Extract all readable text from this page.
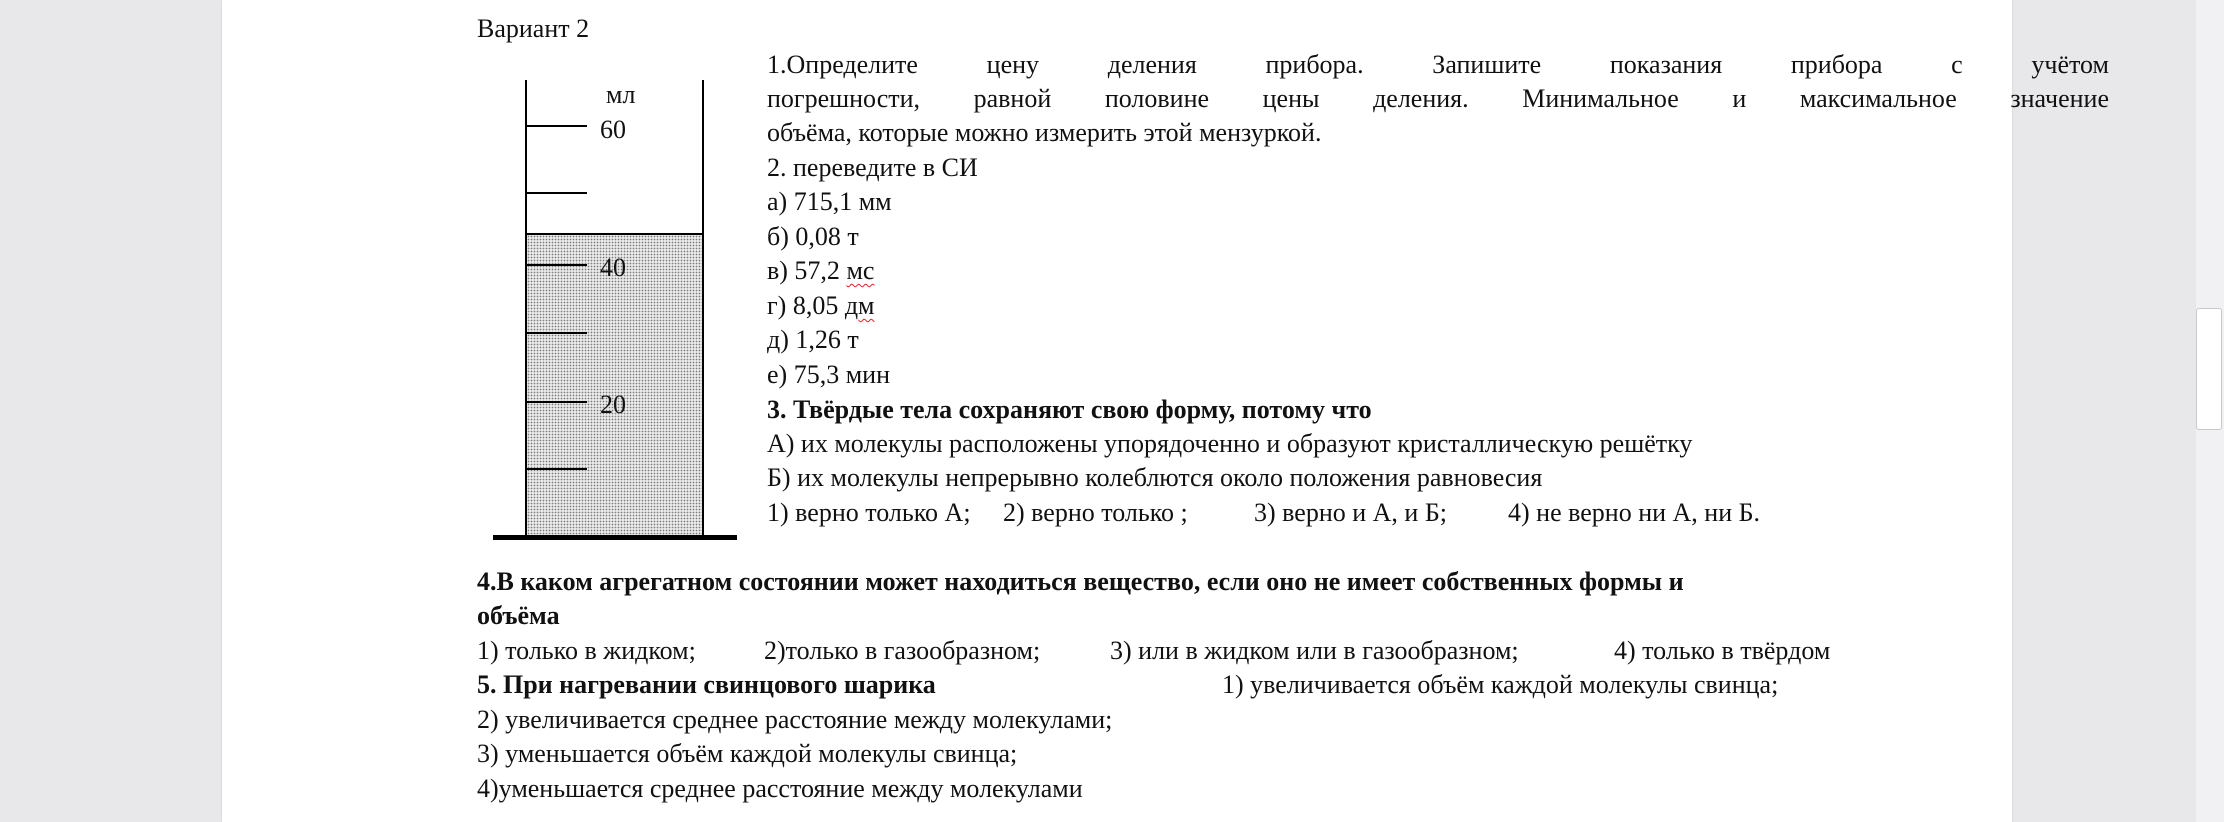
Вариант 2
мл
60
40
20
1.Определите цену деления прибора. Запишите показания прибора с учётом
погрешности, равной половине цены деления. Минимальное и максимальное значение
объёма, которые можно измерить этой мензуркой.
2. переведите в СИ
а) 715,1 мм
б) 0,08 т
в) 57,2 мс
г) 8,05 дм
д) 1,26 т
е) 75,3 мин
3. Твёрдые тела сохраняют свою форму, потому что
А) их молекулы расположены упорядоченно и образуют кристаллическую решётку
Б) их молекулы непрерывно колеблются около положения равновесия
1) верно только А; 2) верно только ;	3) верно и А, и Б; 4) не верно ни А, ни Б.
4.В каком агрегатном состоянии может находиться вещество, если оно не имеет собственных формы и
объёма
1) только в жидком;	2)только в газообразном;	3) или в жидком или в газообразном;	4) только в твёрдом
5. При нагревании свинцового шарика	1) увеличивается объём каждой молекулы свинца;
2) увеличивается среднее расстояние между молекулами;
3) уменьшается объём каждой молекулы свинца;
4)уменьшается среднее расстояние между молекулами
